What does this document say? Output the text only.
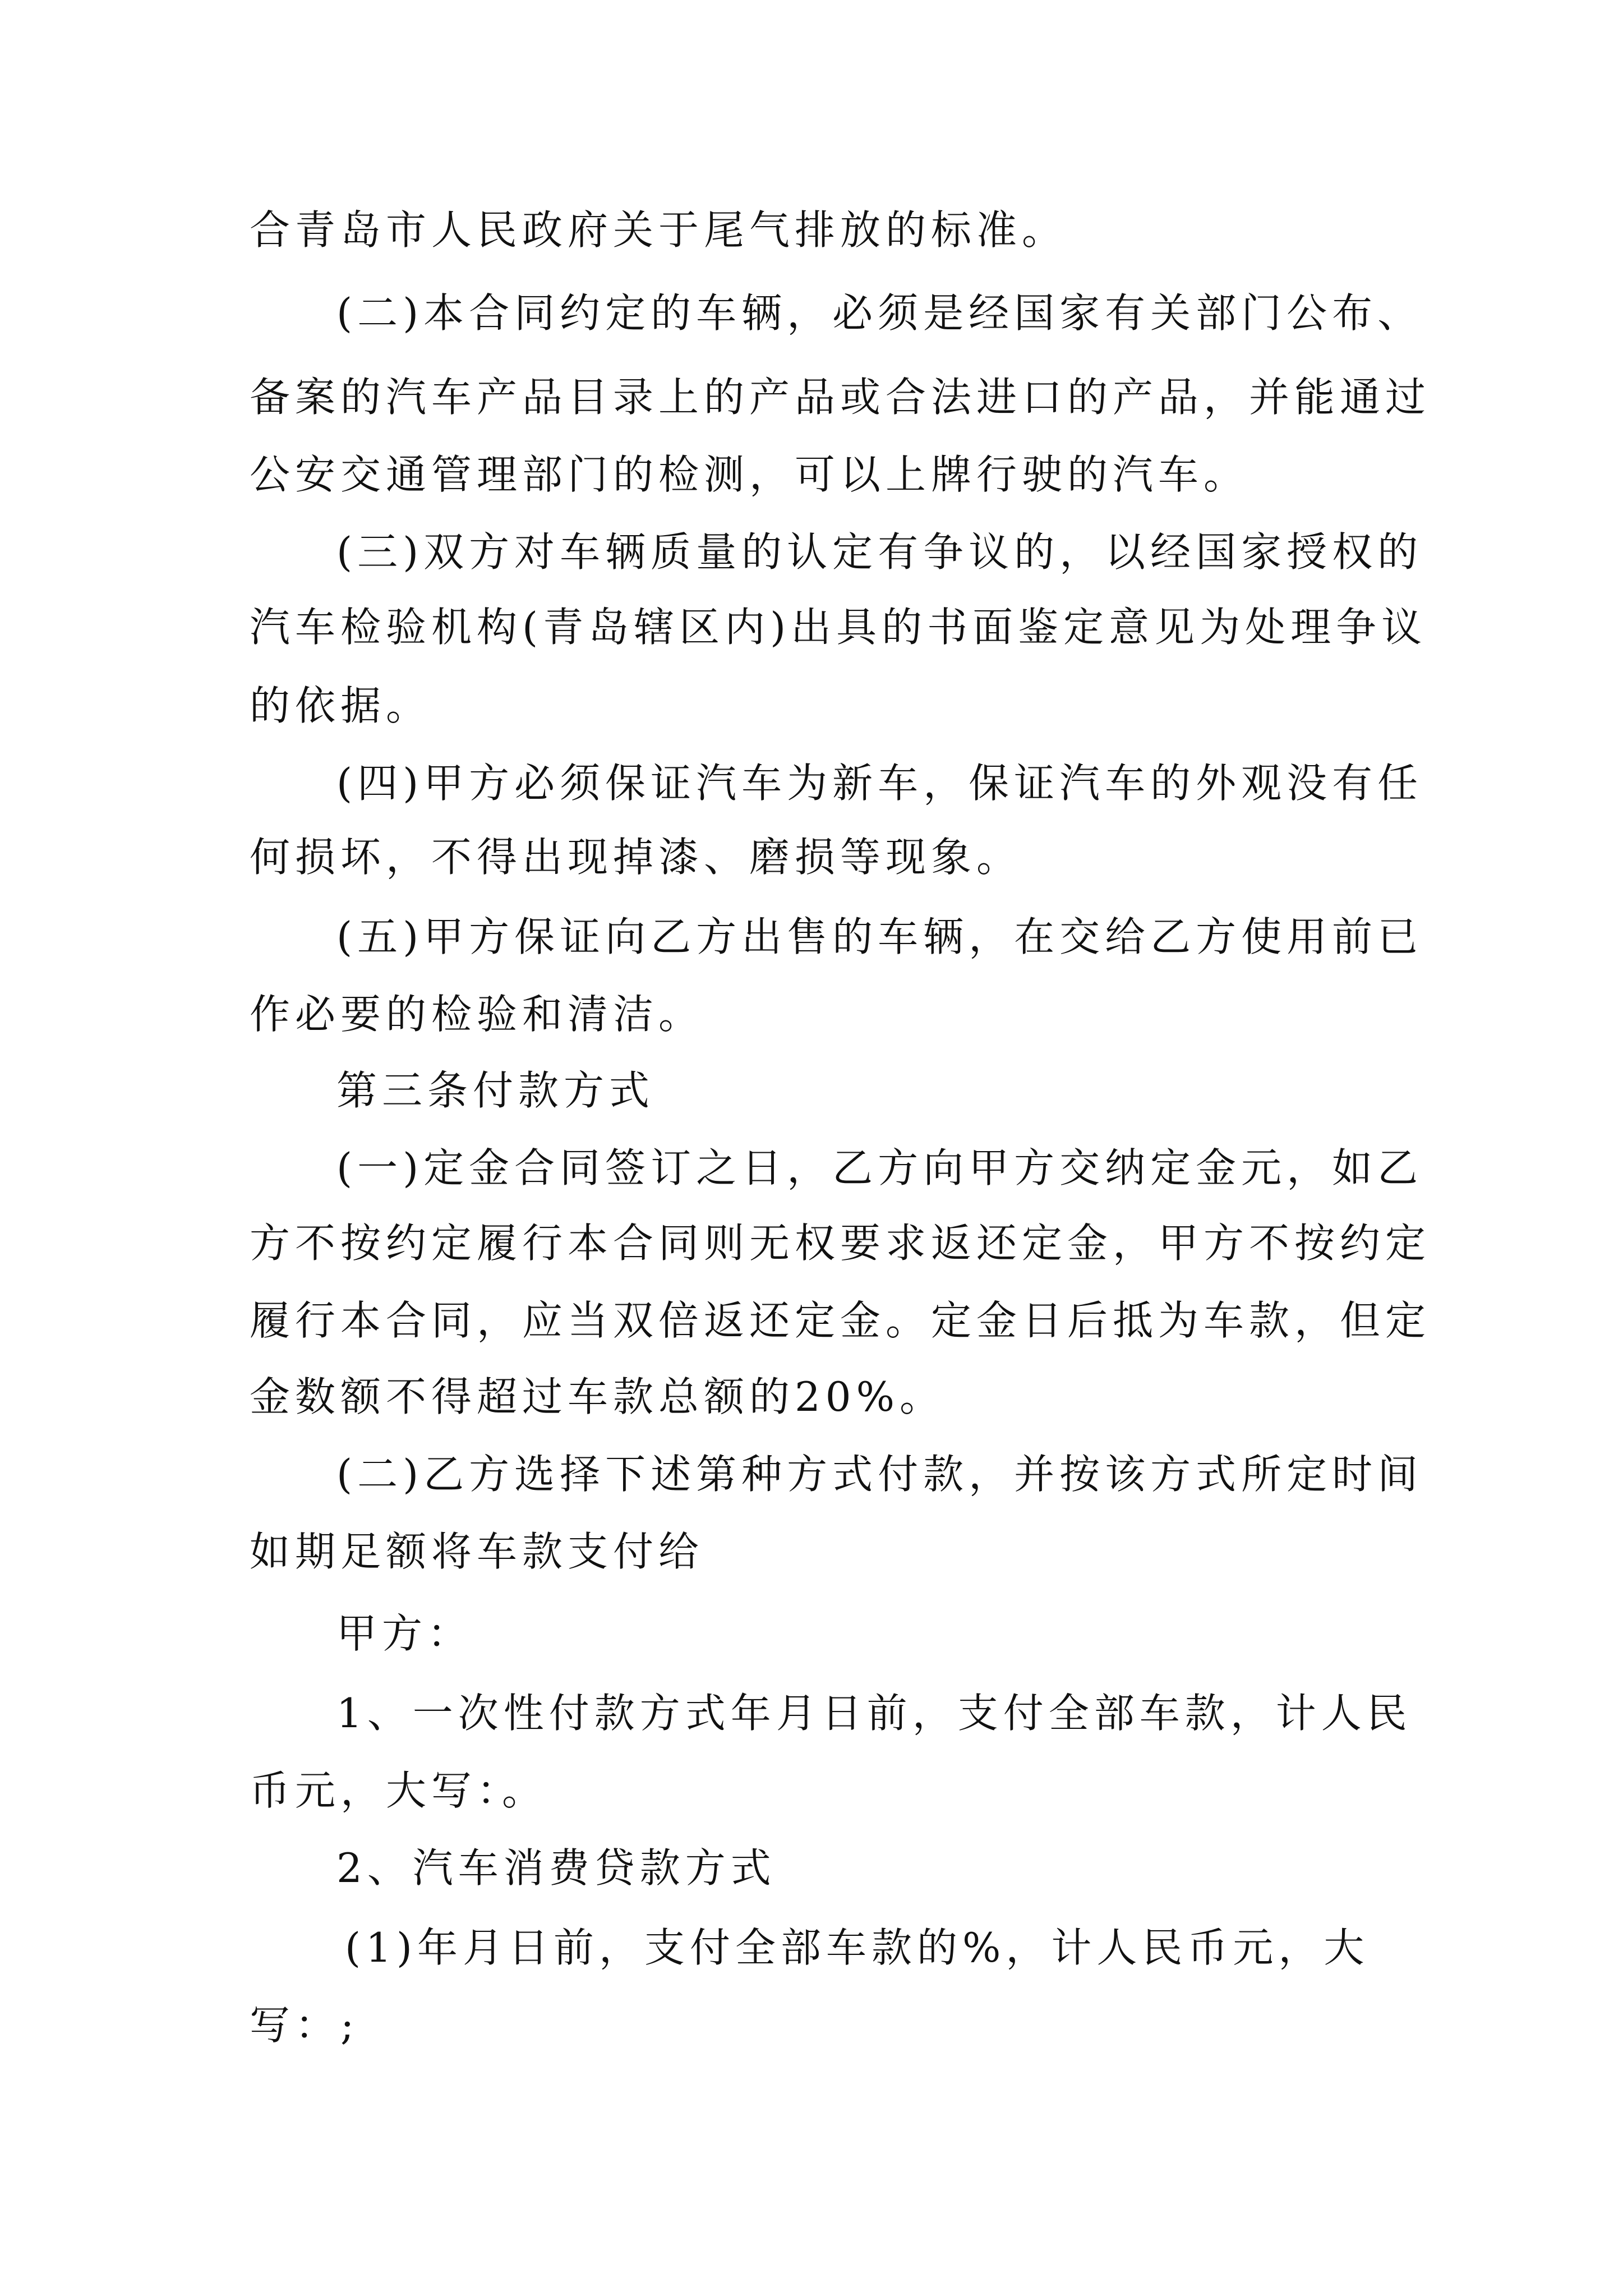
合青岛市人民政府关于尾气排放的标准。

(二)本合同约定的车辆，必须是经国家有关部门公布、

备案的汽车产品目录上的产品或合法进口的产品，并能通过

公安交通管理部门的检测，可以上牌行驶的汽车。

(三)双方对车辆质量的认定有争议的，以经国家授权的

汽车检验机构(青岛辖区内)出具的书面鉴定意见为处理争议

的依据。

(四)甲方必须保证汽车为新车，保证汽车的外观没有任

何损坏，不得出现掉漆、磨损等现象。

(五)甲方保证向乙方出售的车辆，在交给乙方使用前已

作必要的检验和清洁。

第三条付款方式

(一)定金合同签订之日，乙方向甲方交纳定金元，如乙

方不按约定履行本合同则无权要求返还定金，甲方不按约定

履行本合同，应当双倍返还定金。定金日后抵为车款，但定

金数额不得超过车款总额的20%。

(二)乙方选择下述第种方式付款，并按该方式所定时间

如期足额将车款支付给

甲方：

1、一次性付款方式年月日前，支付全部车款，计人民

币元，大写：。

2、汽车消费贷款方式

(1)年月日前，支付全部车款的%，计人民币元，大

写：;
